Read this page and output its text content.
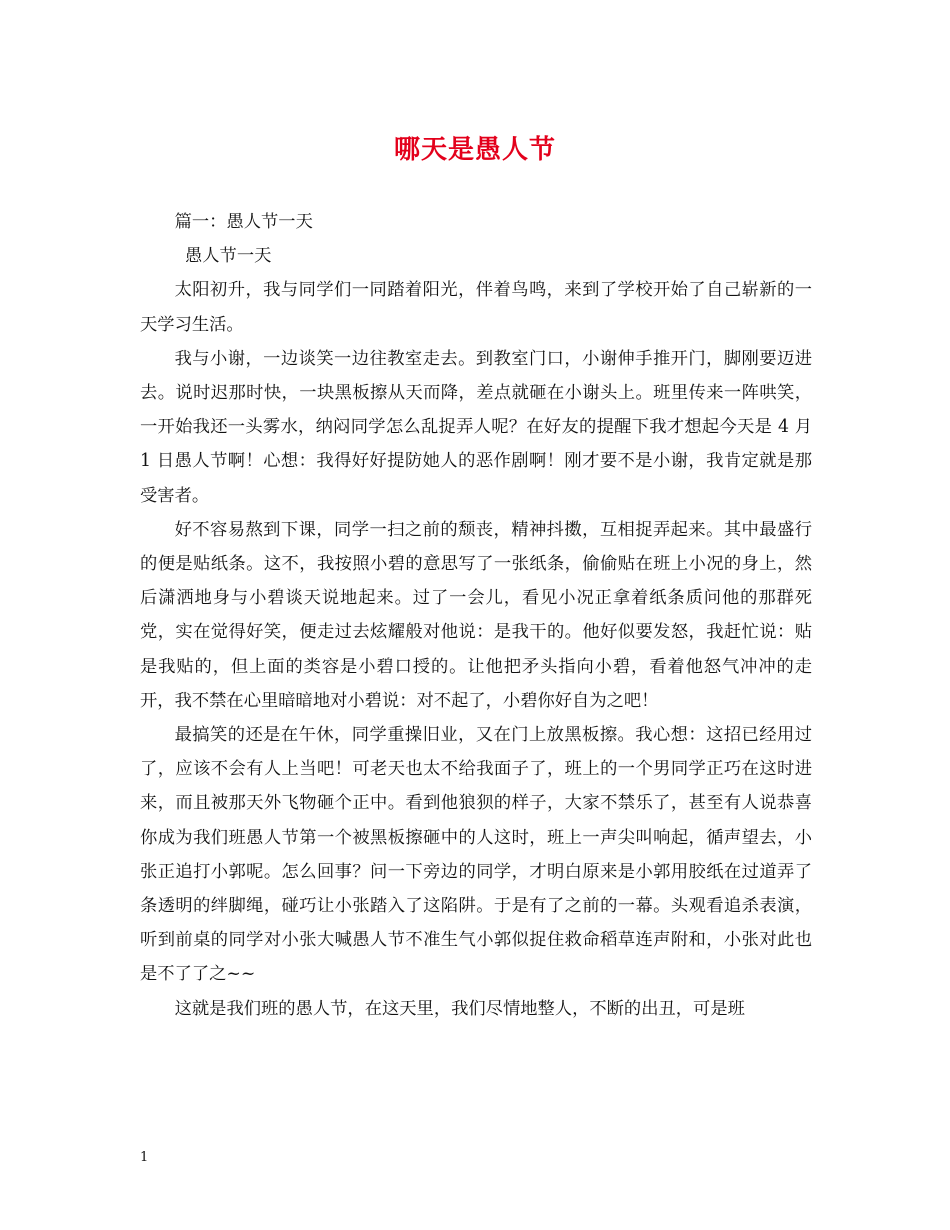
哪天是愚人节

篇一：愚人节一天

愚人节一天

太阳初升，我与同学们一同踏着阳光，伴着鸟鸣，来到了学校开始了自己崭新的一天学习生活。

我与小谢，一边谈笑一边往教室走去。到教室门口，小谢伸手推开门，脚刚要迈进去。说时迟那时快，一块黑板擦从天而降，差点就砸在小谢头上。班里传来一阵哄笑，一开始我还一头雾水，纳闷同学怎么乱捉弄人呢？在好友的提醒下我才想起今天是 4 月 1 日愚人节啊！心想：我得好好提防她人的恶作剧啊！刚才要不是小谢，我肯定就是那受害者。

好不容易熬到下课，同学一扫之前的颓丧，精神抖擞，互相捉弄起来。其中最盛行的便是贴纸条。这不，我按照小碧的意思写了一张纸条，偷偷贴在班上小况的身上，然后潇洒地身与小碧谈天说地起来。过了一会儿，看见小况正拿着纸条质问他的那群死党，实在觉得好笑，便走过去炫耀般对他说：是我干的。他好似要发怒，我赶忙说：贴是我贴的，但上面的类容是小碧口授的。让他把矛头指向小碧，看着他怒气冲冲的走开，我不禁在心里暗暗地对小碧说：对不起了，小碧你好自为之吧！

最搞笑的还是在午休，同学重操旧业，又在门上放黑板擦。我心想：这招已经用过了，应该不会有人上当吧！可老天也太不给我面子了，班上的一个男同学正巧在这时进来，而且被那天外飞物砸个正中。看到他狼狈的样子，大家不禁乐了，甚至有人说恭喜你成为我们班愚人节第一个被黑板擦砸中的人这时，班上一声尖叫响起，循声望去，小张正追打小郭呢。怎么回事？问一下旁边的同学，才明白原来是小郭用胶纸在过道弄了条透明的绊脚绳，碰巧让小张踏入了这陷阱。于是有了之前的一幕。头观看追杀表演，听到前桌的同学对小张大喊愚人节不准生气小郭似捉住救命稻草连声附和，小张对此也是不了了之~~

这就是我们班的愚人节，在这天里，我们尽情地整人，不断的出丑，可是班

1
